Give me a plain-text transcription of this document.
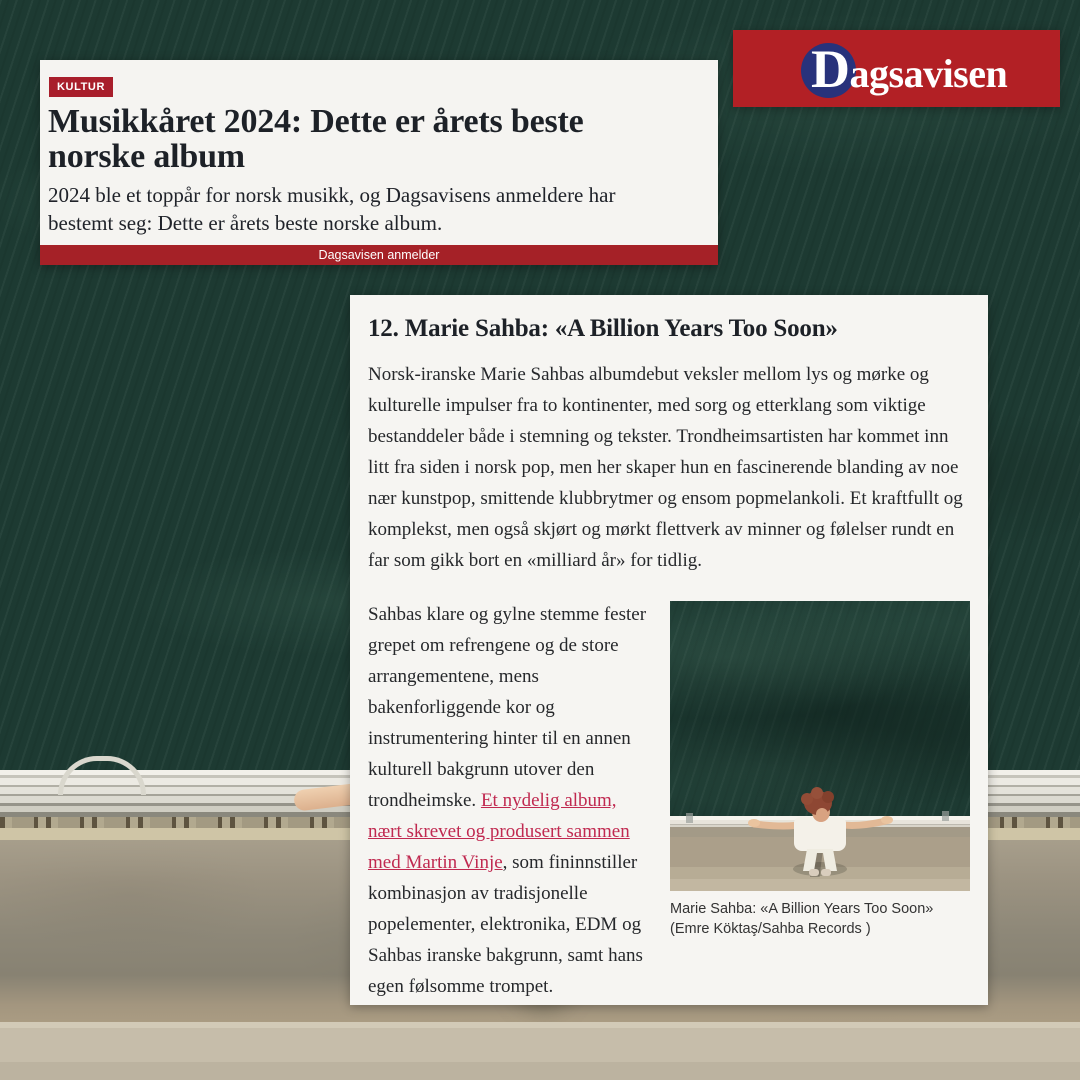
KULTUR
Musikkåret 2024: Dette er årets beste norske album

2024 ble et toppår for norsk musikk, og Dagsavisens anmeldere har bestemt seg: Dette er årets beste norske album.

Dagsavisen anmelder
Dagsavisen
12. Marie Sahba: «A Billion Years Too Soon»

Norsk-iranske Marie Sahbas albumdebut veksler mellom lys og mørke og kulturelle impulser fra to kontinenter, med sorg og etterklang som viktige bestanddeler både i stemning og tekster. Trondheimsartisten har kommet inn litt fra siden i norsk pop, men her skaper hun en fascinerende blanding av noe nær kunstpop, smittende klubbrytmer og ensom popmelankoli. Et kraftfullt og komplekst, men også skjørt og mørkt flettverk av minner og følelser rundt en far som gikk bort en «milliard år» for tidlig.

Marie Sahba: «A Billion Years Too Soon» (Emre Köktaş/Sahba Records )

Sahbas klare og gylne stemme fester grepet om refrengene og de store arrangementene, mens bakenforliggende kor og instrumentering hinter til en annen kulturell bakgrunn utover den trondheimske. Et nydelig album, nært skrevet og produsert sammen med Martin Vinje, som fininnstiller kombinasjon av tradisjonelle popelementer, elektronika, EDM og Sahbas iranske bakgrunn, samt hans egen følsomme trompet.
